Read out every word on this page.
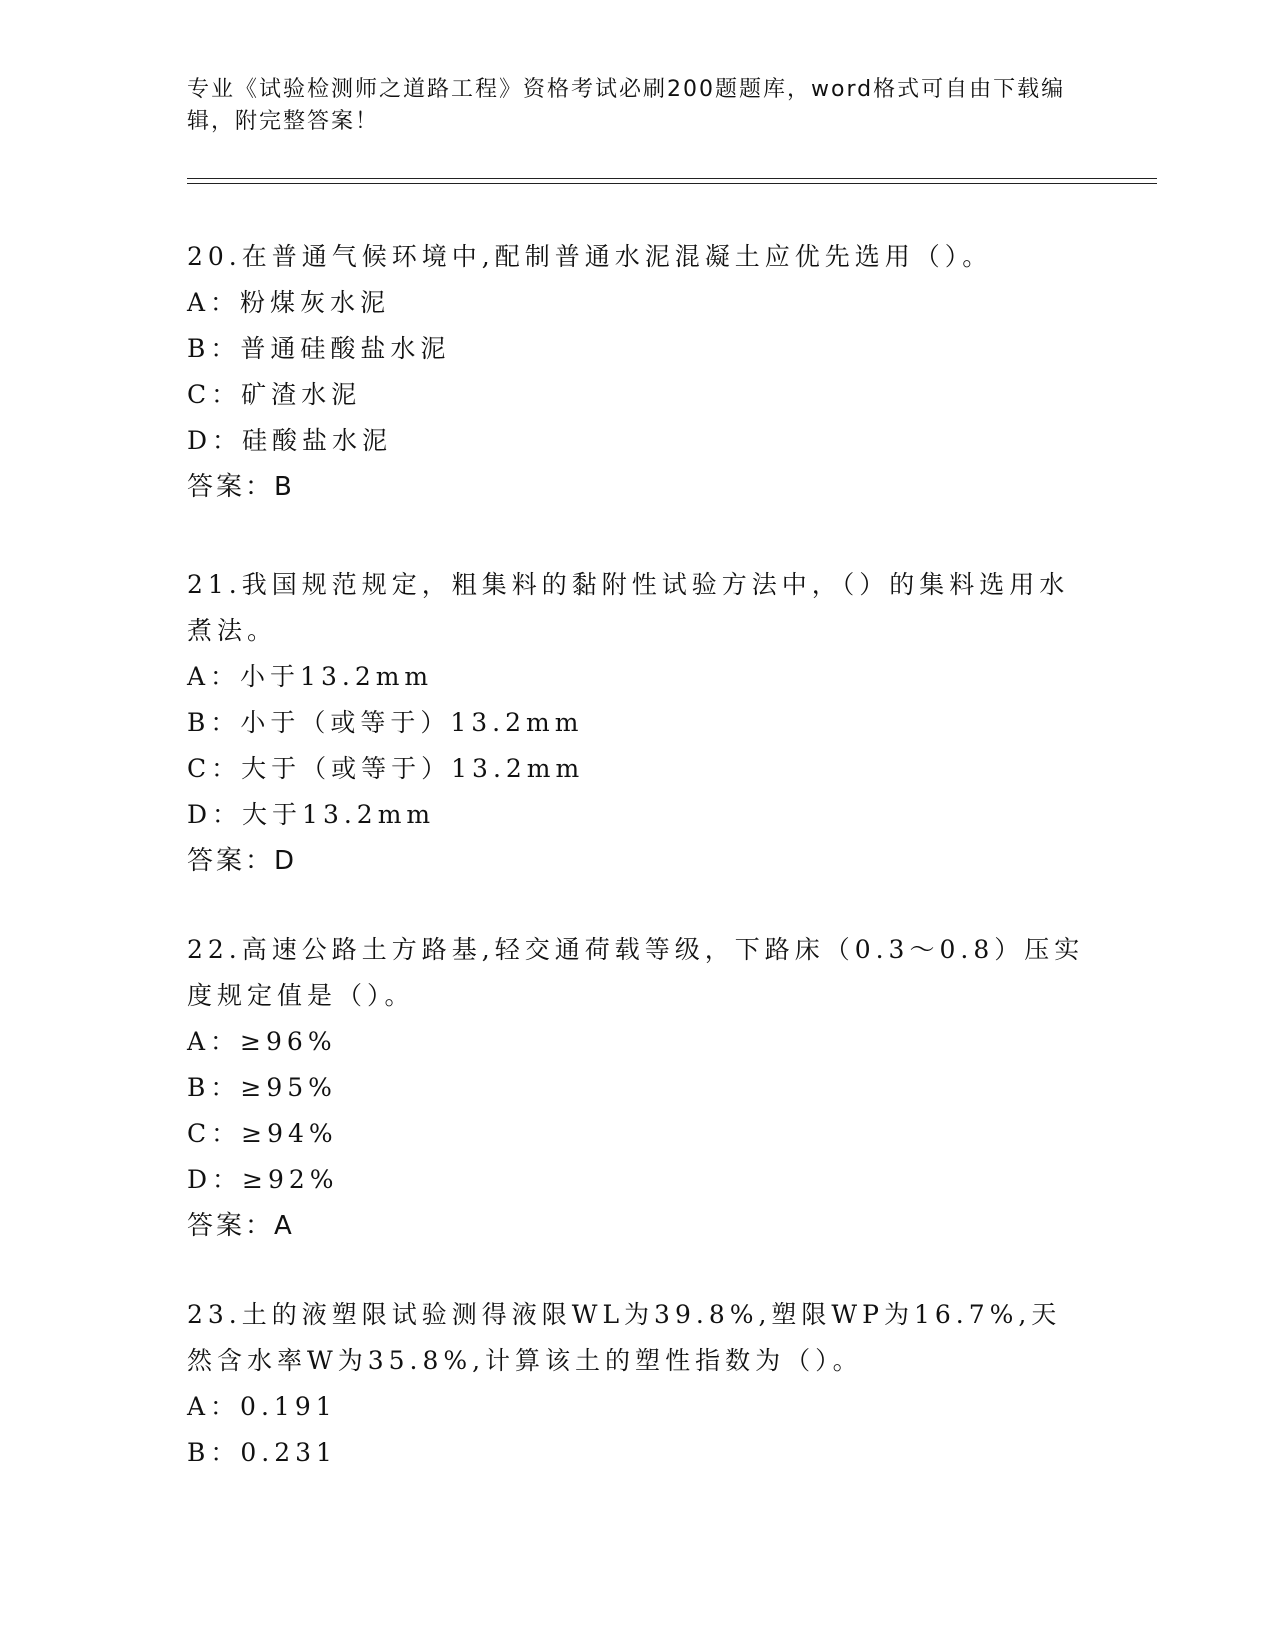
专业《试验检测师之道路工程》资格考试必刷200题题库，word格式可自由下载编辑，附完整答案！

20.在普通气候环境中,配制普通水泥混凝土应优先选用（）。

A：粉煤灰水泥

B：普通硅酸盐水泥

C：矿渣水泥

D：硅酸盐水泥

答案：B

21.我国规范规定，粗集料的黏附性试验方法中，（）的集料选用水煮法。

A：小于13.2mm

B：小于（或等于）13.2mm

C：大于（或等于）13.2mm

D：大于13.2mm

答案：D

22.高速公路土方路基,轻交通荷载等级，下路床（0.3～0.8）压实度规定值是（）。

A：≥96%

B：≥95%

C：≥94%

D：≥92%

答案：A

23.土的液塑限试验测得液限WL为39.8%,塑限WP为16.7%,天然含水率W为35.8%,计算该土的塑性指数为（）。

A：0.191

B：0.231
